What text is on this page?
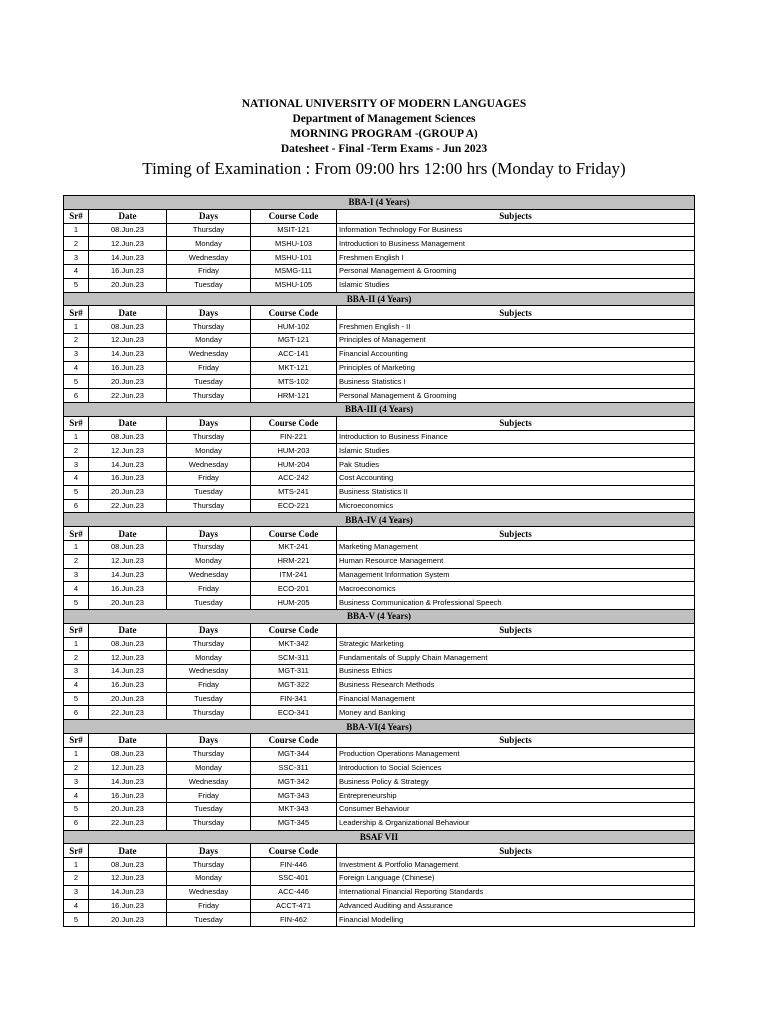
NATIONAL UNIVERSITY OF MODERN LANGUAGES
Department of Management Sciences
MORNING PROGRAM -(GROUP A)
Datesheet - Final -Term Exams - Jun 2023
Timing of Examination : From 09:00 hrs 12:00 hrs (Monday to Friday)
BBA-I (4 Years)				
Sr#	Date	Days	Course Code	Subjects
1	08.Jun.23	Thursday	MSIT-121	Information Technology For Business
2	12.Jun.23	Monday	MSHU-103	Introduction to Business Management
3	14.Jun.23	Wednesday	MSHU-101	Freshmen English I
4	16.Jun.23	Friday	MSMG-111	Personal Management & Grooming
5	20.Jun.23	Tuesday	MSHU-105	Islamic Studies
BBA-II (4 Years)				
Sr#	Date	Days	Course Code	Subjects
1	08.Jun.23	Thursday	HUM-102	Freshmen English - II
2	12.Jun.23	Monday	MGT-121	Principles of Management
3	14.Jun.23	Wednesday	ACC-141	Financial Accounting
4	16.Jun.23	Friday	MKT-121	Principles of Marketing
5	20.Jun.23	Tuesday	MTS-102	Business Statistics I
6	22.Jun.23	Thursday	HRM-121	Personal Management & Grooming
BBA-III (4 Years)				
Sr#	Date	Days	Course Code	Subjects
1	08.Jun.23	Thursday	FIN-221	Introduction to Business Finance
2	12.Jun.23	Monday	HUM-203	Islamic Studies
3	14.Jun.23	Wednesday	HUM-204	Pak Studies
4	16.Jun.23	Friday	ACC-242	Cost Accounting
5	20.Jun.23	Tuesday	MTS-241	Business Statistics II
6	22.Jun.23	Thursday	ECO-221	Microeconomics
BBA-IV (4 Years)				
Sr#	Date	Days	Course Code	Subjects
1	08.Jun.23	Thursday	MKT-241	Marketing Management
2	12.Jun.23	Monday	HRM-221	Human Resource Management
3	14.Jun.23	Wednesday	ITM-241	Management Information System
4	16.Jun.23	Friday	ECO-201	Macroeconomics
5	20.Jun.23	Tuesday	HUM-205	Business Communication & Professional Speech
BBA-V (4 Years)				
Sr#	Date	Days	Course Code	Subjects
1	08.Jun.23	Thursday	MKT-342	Strategic Marketing
2	12.Jun.23	Monday	SCM-311	Fundamentals of Supply Chain Management
3	14.Jun.23	Wednesday	MGT-311	Business Ethics
4	16.Jun.23	Friday	MGT-322	Business Research Methods
5	20.Jun.23	Tuesday	FIN-341	Financial Management
6	22.Jun.23	Thursday	ECO-341	Money and Banking
BBA-VI(4 Years)				
Sr#	Date	Days	Course Code	Subjects
1	08.Jun.23	Thursday	MGT-344	Production Operations Management
2	12.Jun.23	Monday	SSC-311	Introduction to Social Sciences
3	14.Jun.23	Wednesday	MGT-342	Business Policy & Strategy
4	16.Jun.23	Friday	MGT-343	Entrepreneurship
5	20.Jun.23	Tuesday	MKT-343	Consumer Behaviour
6	22.Jun.23	Thursday	MGT-345	Leadership & Organizational Behaviour
BSAF VII				
Sr#	Date	Days	Course Code	Subjects
1	08.Jun.23	Thursday	FIN-446	Investment & Portfolio Management
2	12.Jun.23	Monday	SSC-401	Foreign Language (Chinese)
3	14.Jun.23	Wednesday	ACC-446	International Financial Reporting Standards
4	16.Jun.23	Friday	ACCT-471	Advanced Auditing and Assurance
5	20.Jun.23	Tuesday	FIN-462	Financial Modelling
